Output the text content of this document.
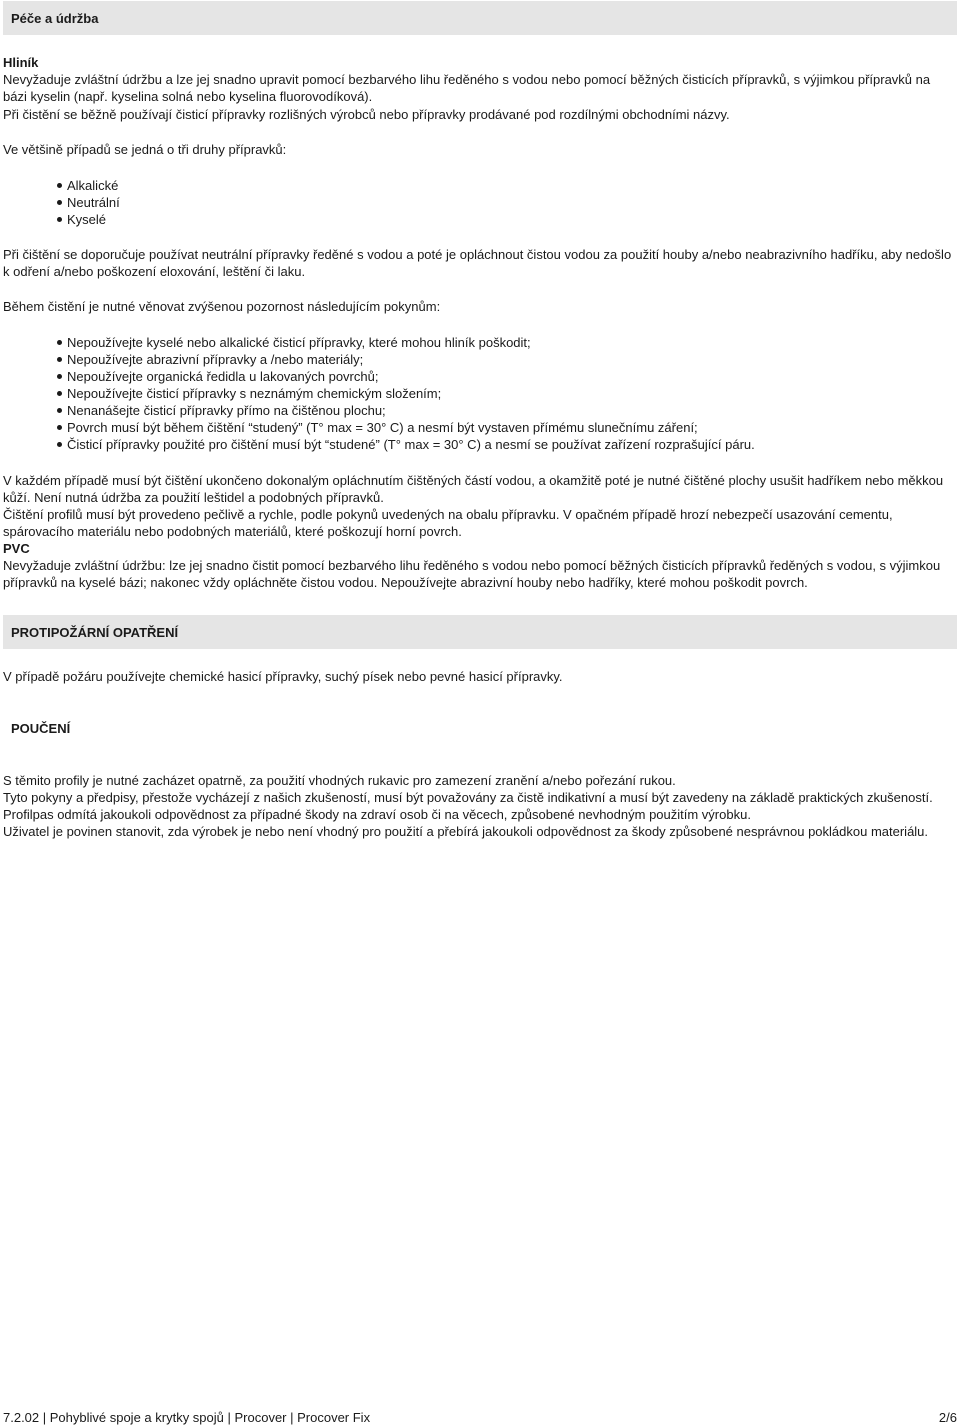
Péče a údržba

Hliník

Nevyžaduje zvláštní údržbu a lze jej snadno upravit pomocí bezbarvého lihu ředěného s vodou nebo pomocí běžných čisticích přípravků, s výjimkou přípravků na bázi kyselin (např. kyselina solná nebo kyselina fluorovodíková).

Při čistění se běžně používají čisticí přípravky rozlišných výrobců nebo přípravky prodávané pod rozdílnými obchodními názvy.

Ve většině případů se jedná o tři druhy přípravků:

Alkalické
Neutrální
Kyselé

Při čištění se doporučuje používat neutrální přípravky ředěné s vodou a poté je opláchnout čistou vodou za použití houby a/nebo neabrazivního hadříku, aby nedošlo k odření a/nebo poškození eloxování, leštění či laku.

Během čistění je nutné věnovat zvýšenou pozornost následujícím pokynům:

Nepoužívejte kyselé nebo alkalické čisticí přípravky, které mohou hliník poškodit;
Nepoužívejte abrazivní přípravky a /nebo materiály;
Nepoužívejte organická ředidla u lakovaných povrchů;
Nepoužívejte čisticí přípravky s neznámým chemickým složením;
Nenanášejte čisticí přípravky přímo na čištěnou plochu;
Povrch musí být během čištění “studený” (T° max = 30° C) a nesmí být vystaven přímému slunečnímu záření;
Čisticí přípravky použité pro čištění musí být “studené” (T° max = 30° C) a nesmí se používat zařízení rozprašující páru.

V každém případě musí být čištění ukončeno dokonalým opláchnutím čištěných částí vodou, a okamžitě poté je nutné čištěné plochy usušit hadříkem nebo měkkou kůží. Není nutná údržba za použití leštidel a podobných přípravků.

Čištění profilů musí být provedeno pečlivě a rychle, podle pokynů uvedených na obalu přípravku. V opačném případě hrozí nebezpečí usazování cementu, spárovacího materiálu nebo podobných materiálů, které poškozují horní povrch.

PVC

Nevyžaduje zvláštní údržbu: lze jej snadno čistit pomocí bezbarvého lihu ředěného s vodou nebo pomocí běžných čisticích přípravků ředěných s vodou, s výjimkou přípravků na kyselé bázi; nakonec vždy opláchněte čistou vodou. Nepoužívejte abrazivní houby nebo hadříky, které mohou poškodit povrch.

PROTIPOŽÁRNÍ OPATŘENÍ

V případě požáru používejte chemické hasicí přípravky, suchý písek nebo pevné hasicí přípravky.

POUČENÍ

S těmito profily je nutné zacházet opatrně, za použití vhodných rukavic pro zamezení zranění a/nebo pořezání rukou.

Tyto pokyny a předpisy, přestože vycházejí z našich zkušeností, musí být považovány za čistě indikativní a musí být zavedeny na základě praktických zkušeností.

Profilpas odmítá jakoukoli odpovědnost za případné škody na zdraví osob či na věcech, způsobené nevhodným použitím výrobku.

Uživatel je povinen stanovit, zda výrobek je nebo není vhodný pro použití a přebírá jakoukoli odpovědnost za škody způsobené nesprávnou pokládkou materiálu.

7.2.02 | Pohyblivé spoje a krytky spojů | Procover | Procover Fix	2/6
